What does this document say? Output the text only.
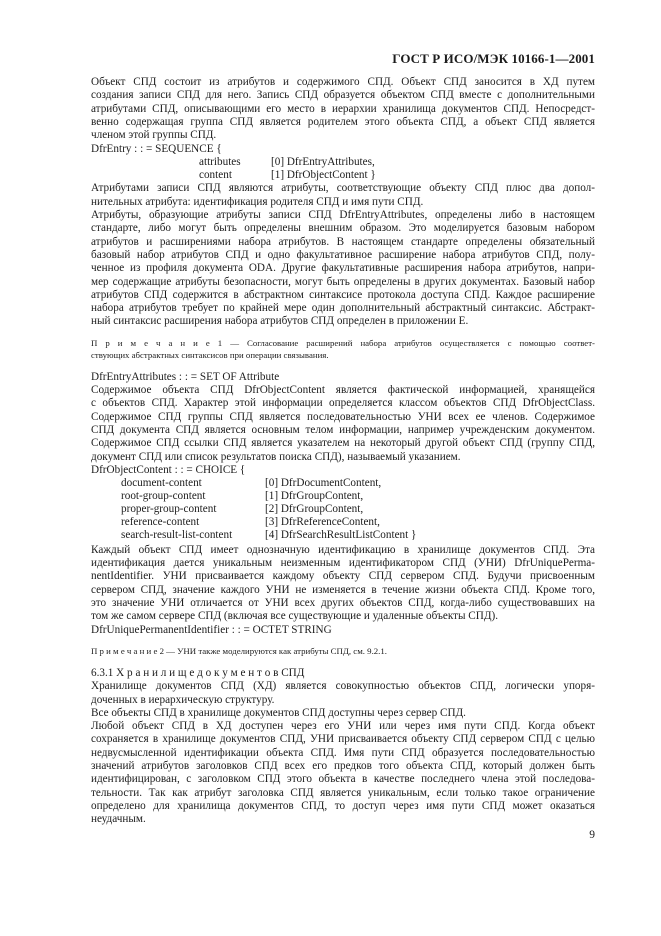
ГОСТ Р ИСО/МЭК 10166-1—2001
Объект СПД состоит из атрибутов и содержимого СПД. Объект СПД заносится в ХД путем
создания записи СПД для него. Запись СПД образуется объектом СПД вместе с дополнительными
атрибутами СПД, описывающими его место в иерархии хранилища документов СПД. Непосредст-
венно содержащая группа СПД является родителем этого объекта СПД, а объект СПД является
членом этой группы СПД.
DfrEntry : : = SEQUENCE {
attributes	[0] DfrEntryAttributes,
content	[1] DfrObjectContent }
Атрибутами записи СПД являются атрибуты, соответствующие объекту СПД плюс два допол-
нительных атрибута: идентификация родителя СПД и имя пути СПД.
Атрибуты, образующие атрибуты записи СПД DfrEntryAttributes, определены либо в настоящем
стандарте, либо могут быть определены внешним образом. Это моделируется базовым набором
атрибутов и расширениями набора атрибутов. В настоящем стандарте определены обязательный
базовый набор атрибутов СПД и одно факультативное расширение набора атрибутов СПД, полу-
ченное из профиля документа ODA. Другие факультативные расширения набора атрибутов, напри-
мер содержащие атрибуты безопасности, могут быть определены в других документах. Базовый набор
атрибутов СПД содержится в абстрактном синтаксисе протокола доступа СПД. Каждое расширение
набора атрибутов требует по крайней мере один дополнительный абстрактный синтаксис. Абстракт-
ный синтаксис расширения набора атрибутов СПД определен в приложении Е.
П р и м е ч а н и е 1 — Согласование расширений набора атрибутов осуществляется с помощью соответ-
ствующих абстрактных синтаксисов при операции связывания.
DfrEntryAttributes : : = SET OF Attribute
Содержимое объекта СПД DfrObjectContent является фактической информацией, хранящейся
с объектов СПД. Характер этой информации определяется классом объектов СПД DfrObjectClass.
Содержимое СПД группы СПД является последовательностью УНИ всех ее членов. Содержимое
СПД документа СПД является основным телом информации, например учрежденским документом.
Содержимое СПД ссылки СПД является указателем на некоторый другой объект СПД (группу СПД,
документ СПД или список результатов поиска СПД), называемый указанием.
DfrObjectContent : : = CHOICE {
document-content	[0] DfrDocumentContent,
root-group-content	[1] DfrGroupContent,
proper-group-content	[2] DfrGroupContent,
reference-content	[3] DfrReferenceContent,
search-result-list-content	[4] DfrSearchResultListContent }
Каждый объект СПД имеет однозначную идентификацию в хранилище документов СПД. Эта
идентификация дается уникальным неизменным идентификатором СПД (УНИ) DfrUniquePerma-
nentIdentifier. УНИ присваивается каждому объекту СПД сервером СПД. Будучи присвоенным
сервером СПД, значение каждого УНИ не изменяется в течение жизни объекта СПД. Кроме того,
это значение УНИ отличается от УНИ всех других объектов СПД, когда-либо существовавших на
том же самом сервере СПД (включая все существующие и удаленные объекты СПД).
DfrUniquePermanentIdentifier : : = OCTET STRING
П р и м е ч а н и е 2 — УНИ также моделируются как атрибуты СПД, см. 9.2.1.
6.3.1 Х р а н и л и щ е д о к у м е н т о в СПД
Хранилище документов СПД (ХД) является совокупностью объектов СПД, логически упоря-
доченных в иерархическую структуру.
Все объекты СПД в хранилище документов СПД доступны через сервер СПД.
Любой объект СПД в ХД доступен через его УНИ или через имя пути СПД. Когда объект
сохраняется в хранилище документов СПД, УНИ присваивается объекту СПД сервером СПД с целью
недвусмысленной идентификации объекта СПД. Имя пути СПД образуется последовательностью
значений атрибутов заголовков СПД всех его предков того объекта СПД, который должен быть
идентифицирован, с заголовком СПД этого объекта в качестве последнего члена этой последова-
тельности. Так как атрибут заголовка СПД является уникальным, если только такое ограничение
определено для хранилища документов СПД, то доступ через имя пути СПД может оказаться
неудачным.
9
